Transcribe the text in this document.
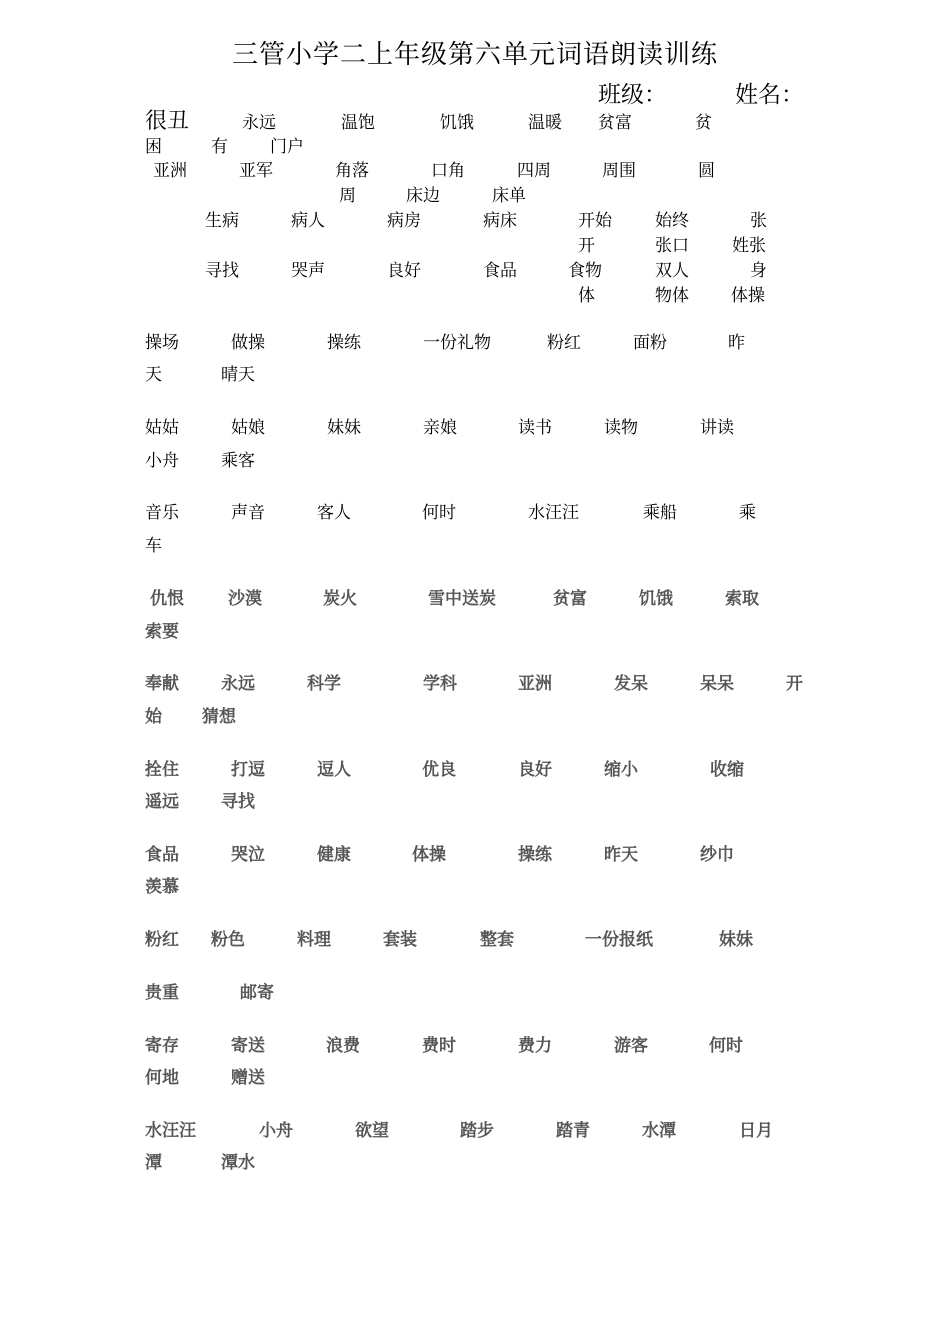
三管小学二上年级第六单元词语朗读训练
班级：	姓名：
很丑	永远	温饱	饥饿	温暖 贫富	贫
困	有 门户
亚洲	亚军	角落	口角	四周	周围	圆
周	床边	床单
生病	病人	病房	病床	开始	始终	张
开	张口	姓张
寻找	哭声	良好	食品	食物	双人	身
体	物体 体操
操场	做操	操练	一份礼物	粉红	面粉	昨
天	晴天
姑姑	姑娘	妹妹	亲娘	读书	读物	讲读
小舟 乘客
音乐	声音	客人	何时	水汪汪	乘船	乘
车
仇恨	沙漠	炭火	雪中送炭	贫富	饥饿	索取
索要
奉献 永远	科学	学科	亚洲	发呆	呆呆	开
始 猜想
拴住	打逗	逗人	优良	良好	缩小	收缩
遥远 寻找
食品	哭泣	健康	体操	操练	昨天	纱巾
羡慕
粉红 粉色	料理	套装	整套	一份报纸	妹妹
贵重	邮寄
寄存	寄送	浪费	费时	费力	游客	何时
何地	赠送
水汪汪	小舟	欲望	踏步	踏青	水潭	日月
潭	潭水
